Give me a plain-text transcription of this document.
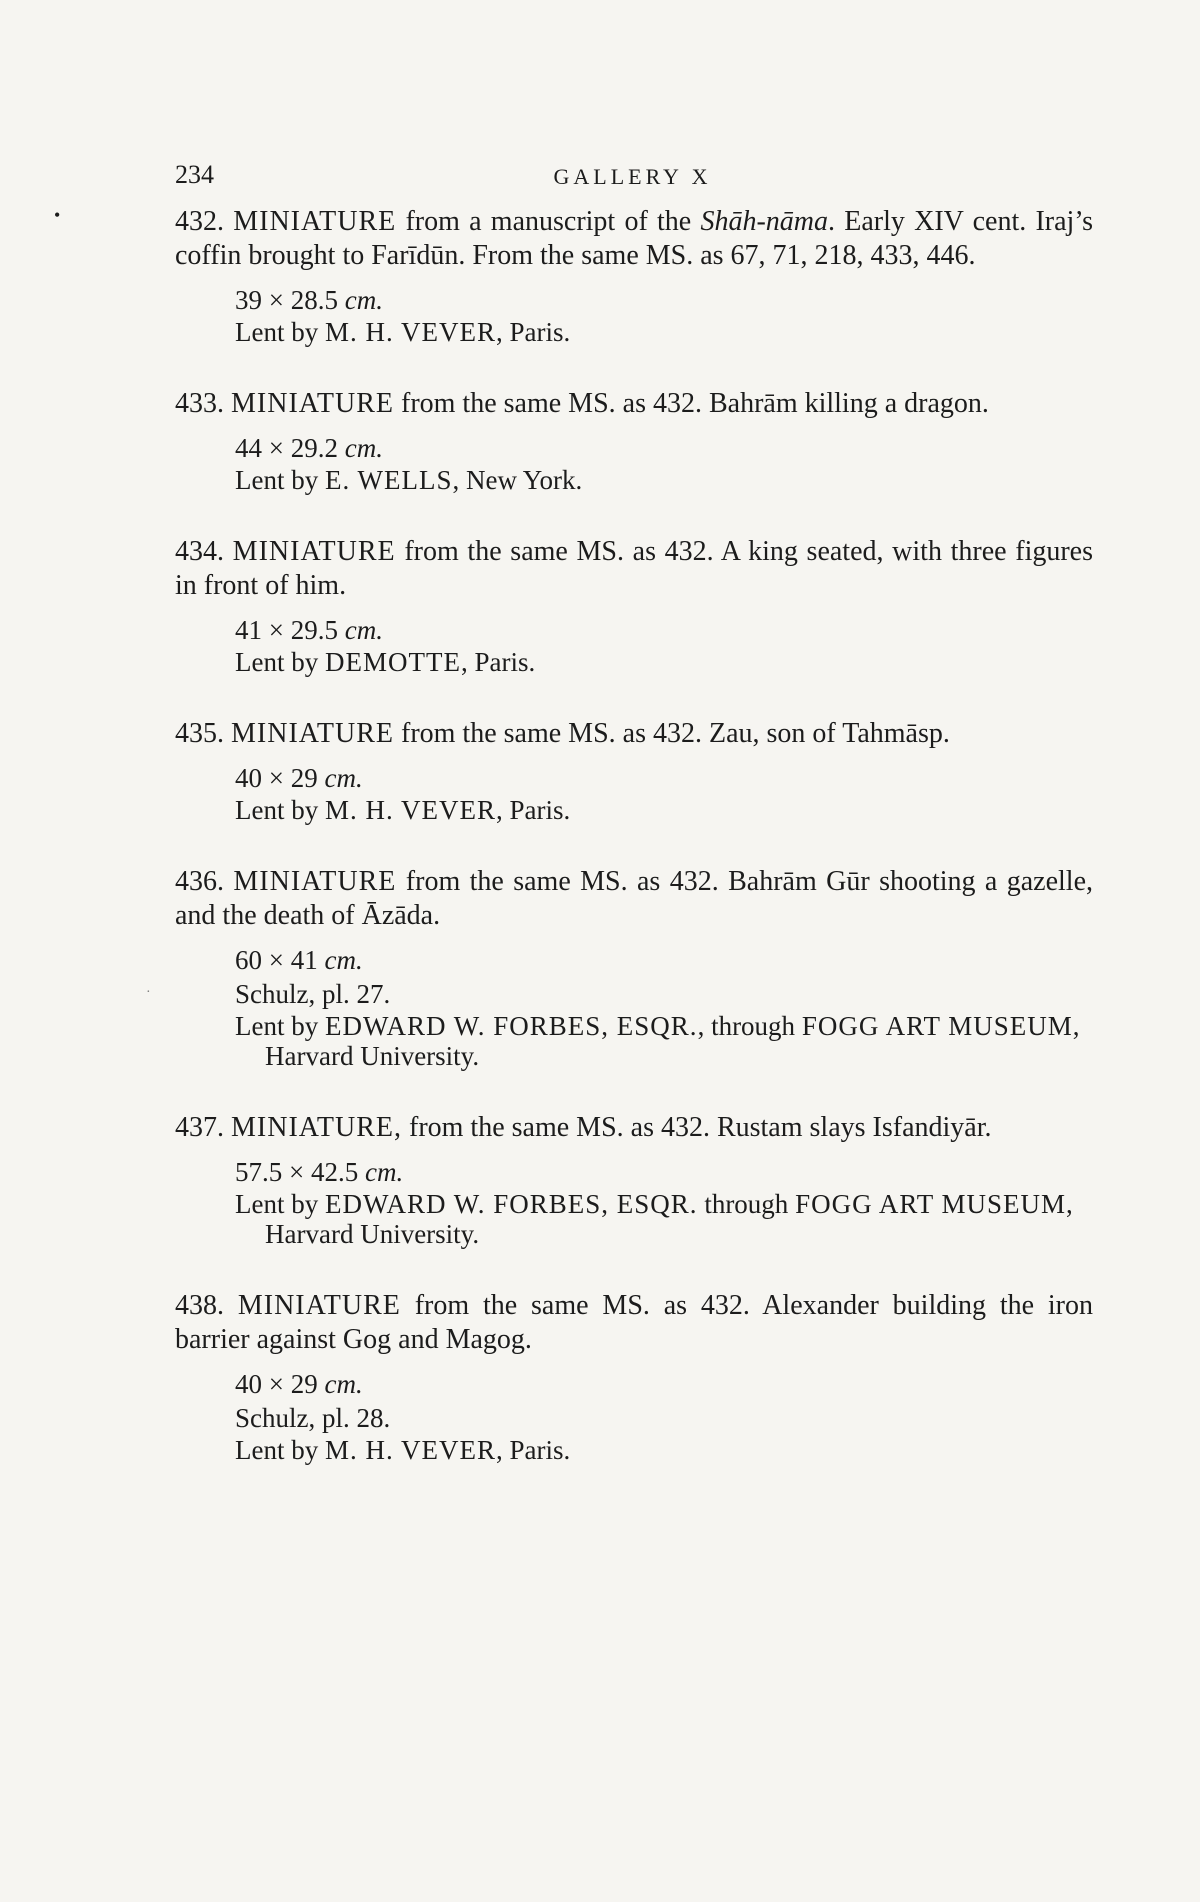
234	GALLERY X
•
·

432. MINIATURE from a manuscript of the Shāh-nāma. Early XIV cent. Iraj’s coffin brought to Farīdūn. From the same MS. as 67, 71, 218, 433, 446.

39 × 28.5 cm.
Lent by M. H. VEVER, Paris.

433. MINIATURE from the same MS. as 432. Bahrām killing a dragon.

44 × 29.2 cm.
Lent by E. WELLS, New York.

434. MINIATURE from the same MS. as 432. A king seated, with three figures in front of him.

41 × 29.5 cm.
Lent by DEMOTTE, Paris.

435. MINIATURE from the same MS. as 432. Zau, son of Tahmāsp.

40 × 29 cm.
Lent by M. H. VEVER, Paris.

436. MINIATURE from the same MS. as 432. Bahrām Gūr shooting a gazelle, and the death of Āzāda.

60 × 41 cm.
Schulz, pl. 27.
Lent by EDWARD W. FORBES, ESQR., through FOGG ART MUSEUM,
Harvard University.

437. MINIATURE, from the same MS. as 432. Rustam slays Isfandiyār.

57.5 × 42.5 cm.
Lent by EDWARD W. FORBES, ESQR. through FOGG ART MUSEUM,
Harvard University.

438. MINIATURE from the same MS. as 432. Alexander building the iron barrier against Gog and Magog.

40 × 29 cm.
Schulz, pl. 28.
Lent by M. H. VEVER, Paris.
